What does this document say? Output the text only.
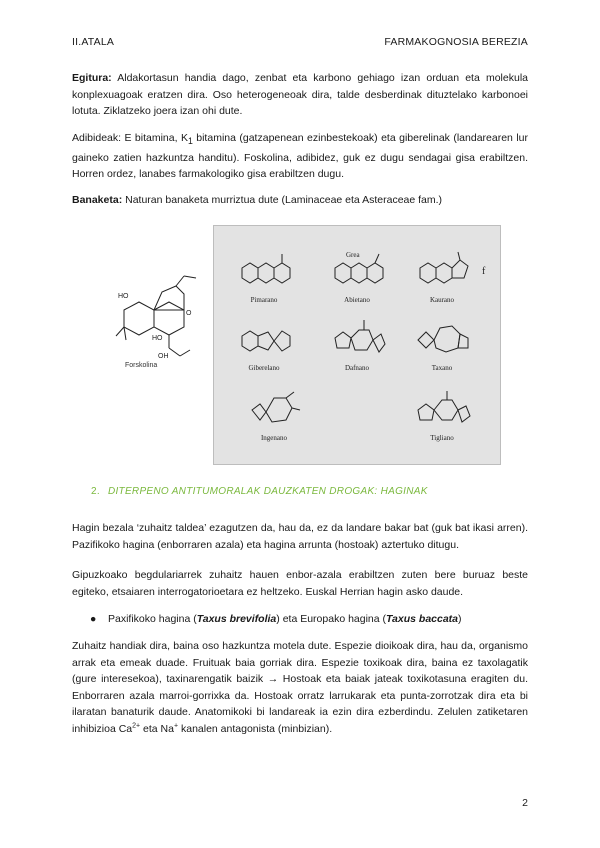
II.ATALA	FARMAKOGNOSIA BEREZIA
Egitura: Aldakortasun handia dago, zenbat eta karbono gehiago izan orduan eta molekula konplexuagoak eratzen dira. Oso heterogeneoak dira, talde desberdinak dituztelako karbonoei lotuta. Ziklatzeko joera izan ohi dute.
Adibideak: E bitamina, $K_1$ bitamina (gatzapenean ezinbestekoak) eta giberelinak (landarearen lur gaineko zatien hazkuntza handitu). Foskolina, adibidez, guk ez dugu sendagai gisa erabiltzen. Horren ordez, lanabes farmakologiko gisa erabiltzen dugu.
Banaketa: Naturan banaketa murriztua dute (Laminaceae eta Asteraceae fam.)
HO
O
HO
OH
Forskolina
Grea
f
Pimarano	Abietano	Kaurano
Giberelano	Dafnano	Taxano
Ingenano	Tigliano
2. DITERPENO ANTITUMORALAK DAUZKATEN DROGAK: HAGINAK
Hagin bezala ‘zuhaitz taldea’ ezagutzen da, hau da, ez da landare bakar bat (guk bat ikasi arren). Pazifikoko hagina (enborraren azala) eta hagina arrunta (hostoak) aztertuko ditugu.
Gipuzkoako begdulariarrek zuhaitz hauen enbor-azala erabiltzen zuten bere buruaz beste egiteko, etsaiaren interrogatorioetara ez heltzeko. Euskal Herrian hagin asko daude.
● Paxifikoko hagina (Taxus brevifolia) eta Europako hagina (Taxus baccata)
Zuhaitz handiak dira, baina oso hazkuntza motela dute. Espezie dioikoak dira, hau da, organismo arrak eta emeak duade. Fruituak baia gorriak dira. Espezie toxikoak dira, baina ez taxolagatik (gure interesekoa), taxinarengatik baizik → Hostoak eta baiak jateak toxikotasuna eragiten du. Enborraren azala marroi-gorrixka da. Hostoak orratz larrukarak eta punta-zorrotzak dira eta bi ilaratan banaturik daude. Anatomikoki bi landareak ia ezin dira ezberdindu. Zelulen zatiketaren inhibizioa $Ca^{2+}$ eta Na+ kanalen antagonista (minbizian).
2
